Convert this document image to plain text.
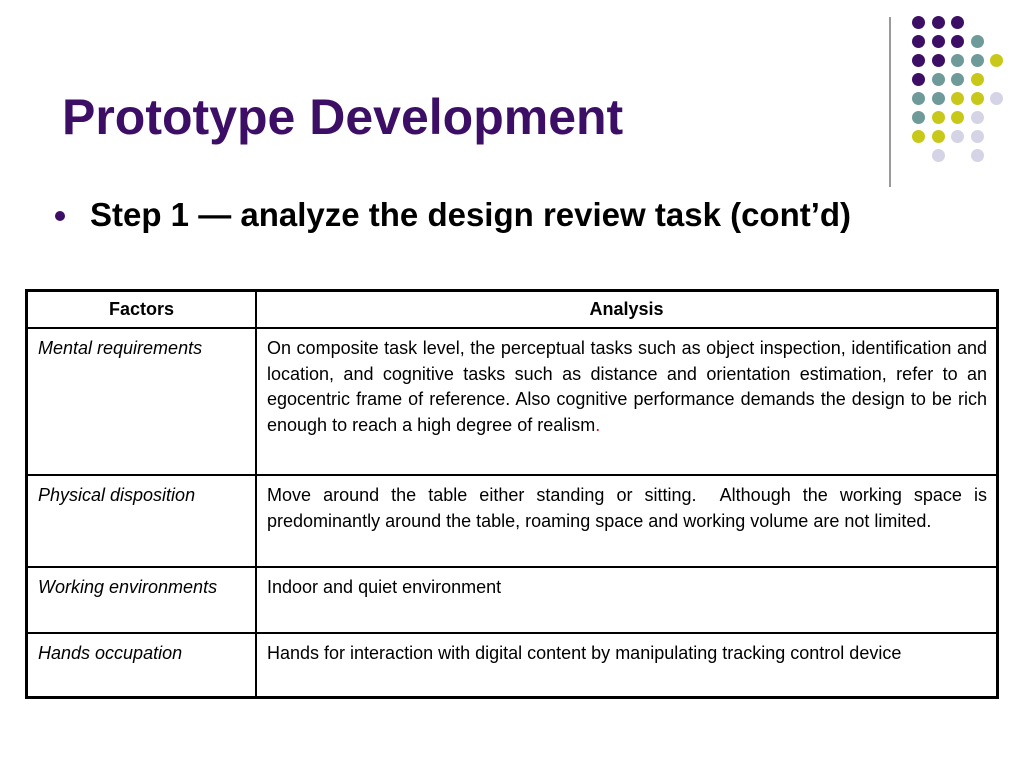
Prototype Development
Step 1 — analyze the design review task (cont’d)
Factors	Analysis
Mental requirements	On composite task level, the perceptual tasks such as object inspection, identification and location, and cognitive tasks such as distance and orientation estimation, refer to an egocentric frame of reference. Also cognitive performance demands the design to be rich enough to reach a high degree of realism.
Physical disposition	Move around the table either standing or sitting.  Although the working space is predominantly around the table, roaming space and working volume are not limited.
Working environments	Indoor and quiet environment
Hands occupation	Hands for interaction with digital content by manipulating tracking control device
